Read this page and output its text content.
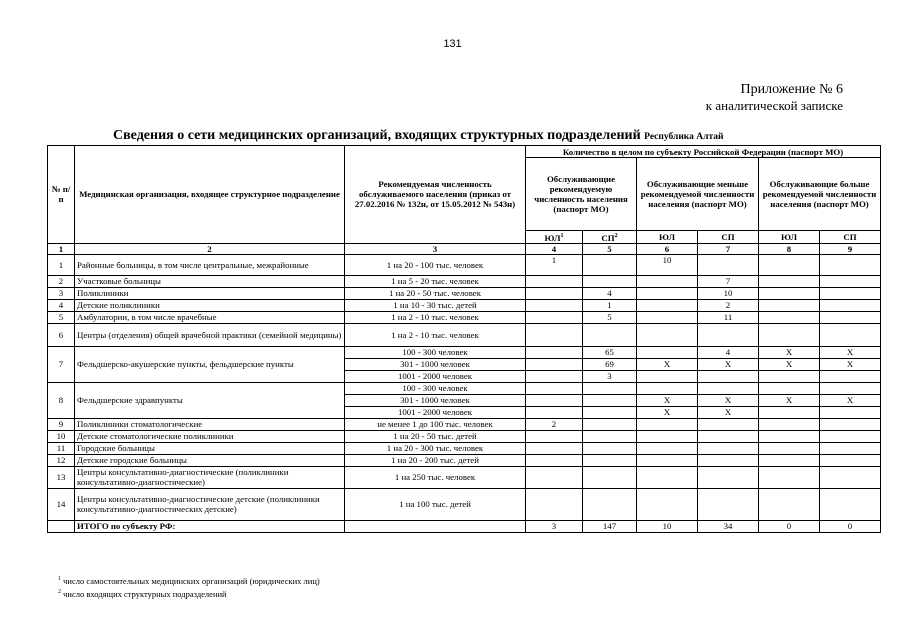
131
Приложение № 6
к аналитической записке
Сведения о сети медицинских организаций, входящих структурных подразделений Республика Алтай
№ п/п	Медицинская организация, входящее структурное подразделение	Рекомендуемая численность обслуживаемого населения (приказ от 27.02.2016 № 132н, от 15.05.2012 № 543н)	Количество в целом по субъекту Российской Федерации (паспорт МО)					
			Обслуживающие рекомендуемую численность населения (паспорт МО)		Обслуживающие меньше рекомендуемой численности населения (паспорт МО)		Обслуживающие больше рекомендуемой численности населения (паспорт МО)	
			$ЮЛ^1$	$СП^2$	ЮЛ	СП	ЮЛ	СП
1	2	3	4	5	6	7	8	9
1	Районные больницы, в том числе центральные, межрайонные	1 на 20 - 100 тыс. человек	1		10			
2	Участковые больницы	1 на 5 - 20 тыс. человек				7		
3	Поликлиники	1 на 20 - 50 тыс. человек		4		10		
4	Детские поликлиники	1 на 10 - 30 тыс. детей		1		2		
5	Амбулатории, в том числе врачебные	1 на 2 - 10 тыс. человек		5		11		
6	Центры (отделения) общей врачебной практики (семейной медицины)	1 на 2 - 10 тыс. человек						
7	Фельдшерско-акушерские пункты, фельдшерские пункты	100 - 300 человек		65		4	X	X
		301 - 1000 человек		69	X	X	X	X
		1001 - 2000 человек		3				
8	Фельдшерские здравпункты	100 - 300 человек						
		301 - 1000 человек			X	X	X	X
		1001 - 2000 человек			X	X		
9	Поликлиники стоматологические	не менее 1 до 100 тыс. человек	2					
10	Детские стоматологические поликлиники	1 на 20 - 50 тыс. детей						
11	Городские больницы	1 на 20 - 300 тыс. человек						
12	Детские городские больницы	1 на 20 - 200 тыс. детей						
13	Центры консультативно-диагностические (поликлиники консультативно-диагностические)	1 на 250 тыс. человек						
14	Центры консультативно-диагностические детские (поликлиники консультативно-диагностических детские)	1 на 100 тыс. детей						
	ИТОГО по субъекту РФ:		3	147	10	34	0	0
$^1$ число самостоятельных медицинских организаций (юридических лиц)
$^2$ число входящих структурных подразделений
